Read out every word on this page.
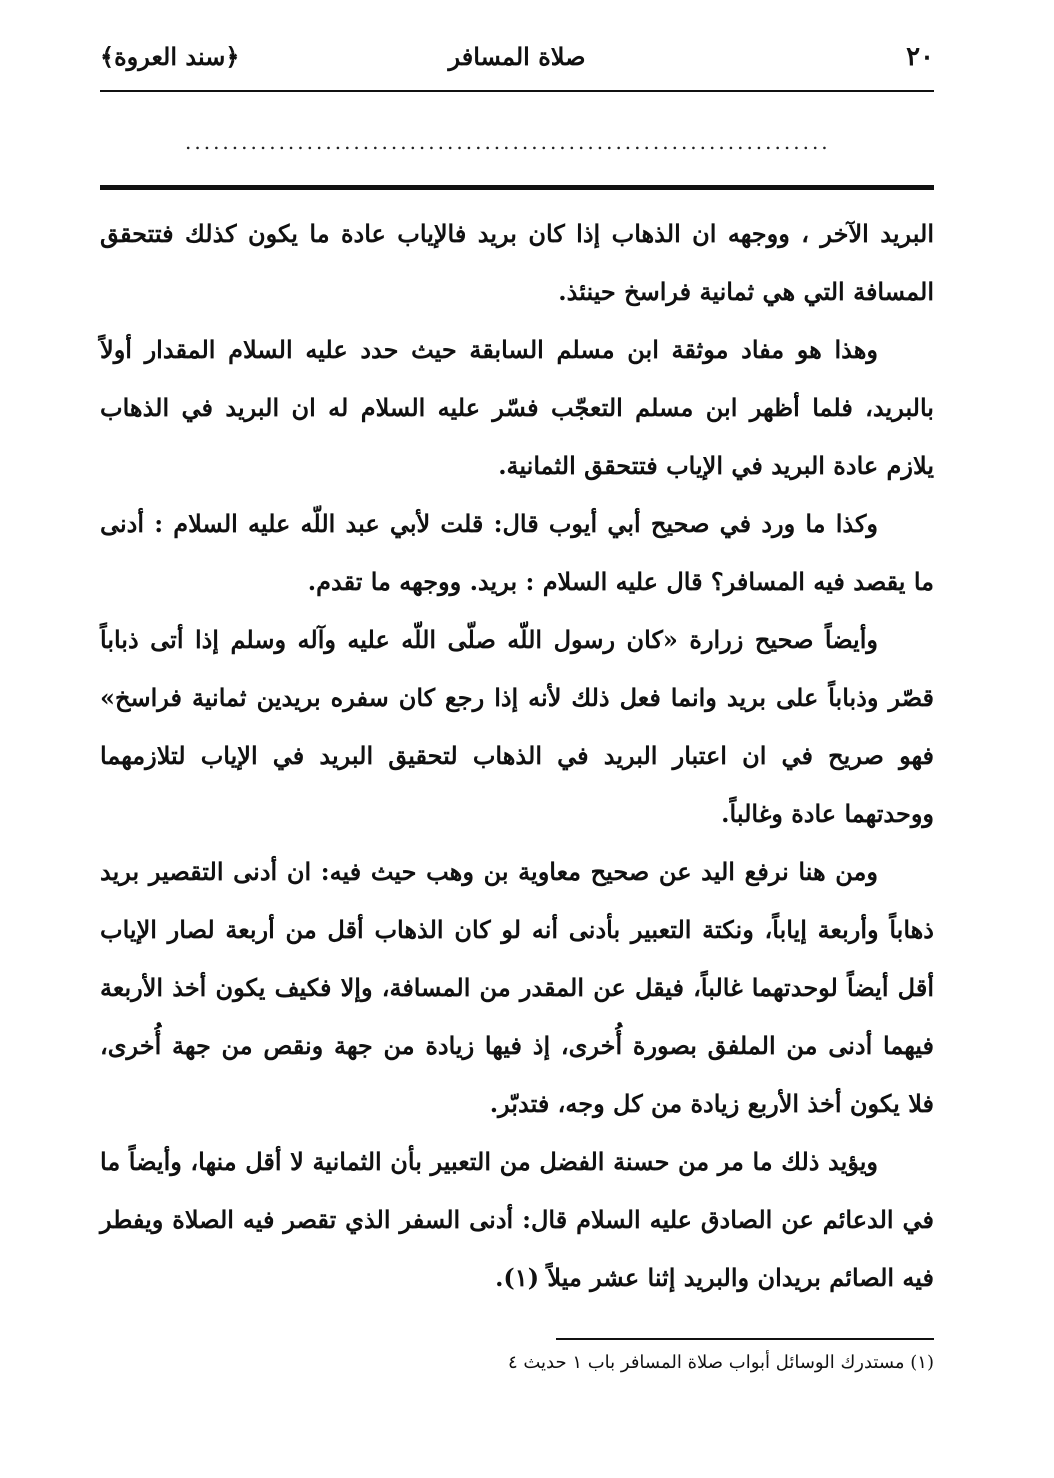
﴿سند العروة﴾	صلاة المسافر	٢٠
.....................................................................

البريد الآخر ، ووجهه ان الذهاب إذا كان بريد فالإياب عادة ما يكون كذلك فتتحقق المسافة التي هي ثمانية فراسخ حينئذ.

وهذا هو مفاد موثقة ابن مسلم السابقة حيث حدد عليه السلام المقدار أولاً بالبريد، فلما أظهر ابن مسلم التعجّب فسّر عليه السلام له ان البريد في الذهاب يلازم عادة البريد في الإياب فتتحقق الثمانية.

وكذا ما ورد في صحيح أبي أيوب قال: قلت لأبي عبد اللّه عليه السلام : أدنى ما يقصد فيه المسافر؟ قال عليه السلام : بريد. ووجهه ما تقدم.

وأيضاً صحيح زرارة «كان رسول اللّه صلّى اللّه عليه وآله وسلم إذا أتى ذباباً قصّر وذباباً على بريد وانما فعل ذلك لأنه إذا رجع كان سفره بريدين ثمانية فراسخ» فهو صريح في ان اعتبار البريد في الذهاب لتحقيق البريد في الإياب لتلازمهما ووحدتهما عادة وغالباً.

ومن هنا نرفع اليد عن صحيح معاوية بن وهب حيث فيه: ان أدنى التقصير بريد ذهاباً وأربعة إياباً، ونكتة التعبير بأدنى أنه لو كان الذهاب أقل من أربعة لصار الإياب أقل أيضاً لوحدتهما غالباً، فيقل عن المقدر من المسافة، وإلا فكيف يكون أخذ الأربعة فيهما أدنى من الملفق بصورة أُخرى، إذ فيها زيادة من جهة ونقص من جهة أُخرى، فلا يكون أخذ الأربع زيادة من كل وجه، فتدبّر.

ويؤيد ذلك ما مر من حسنة الفضل من التعبير بأن الثمانية لا أقل منها، وأيضاً ما في الدعائم عن الصادق عليه السلام قال: أدنى السفر الذي تقصر فيه الصلاة ويفطر فيه الصائم بريدان والبريد إثنا عشر ميلاً (١).

(١) مستدرك الوسائل أبواب صلاة المسافر باب ١ حديث ٤
